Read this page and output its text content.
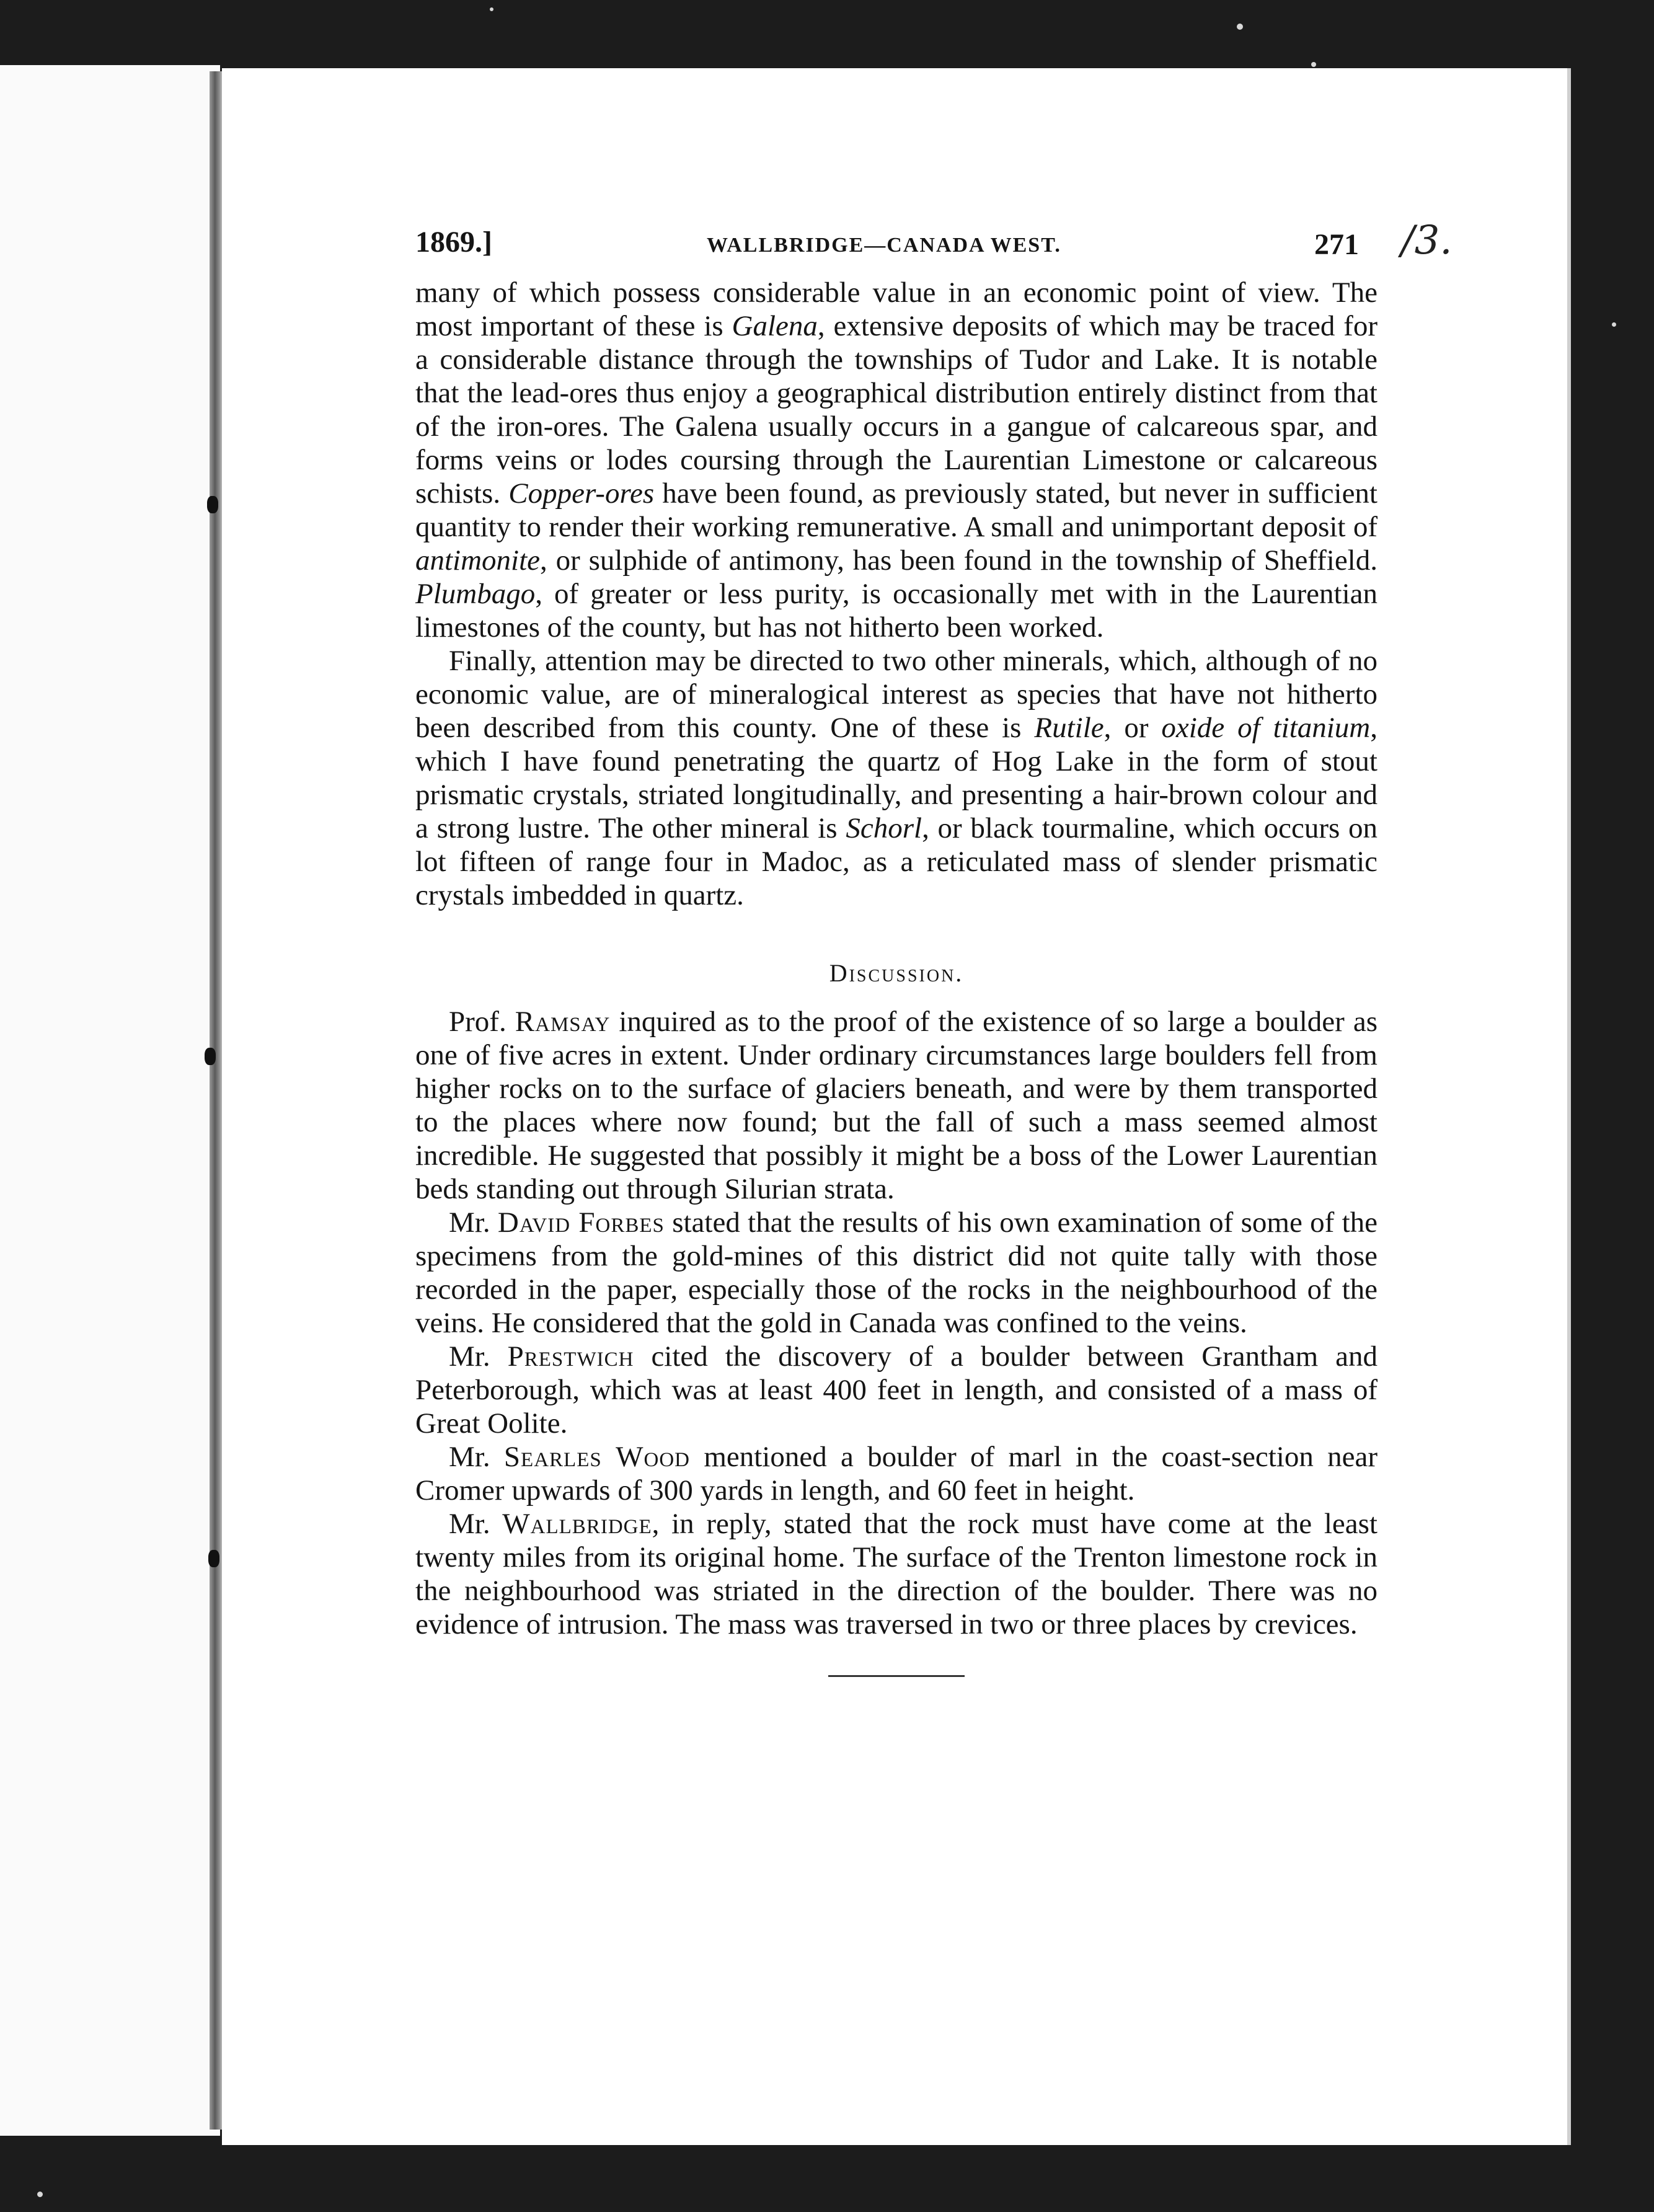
1869.]	WALLBRIDGE—CANADA WEST.	271 /3.

many of which possess considerable value in an economic point of view. The most important of these is Galena, extensive deposits of which may be traced for a considerable distance through the townships of Tudor and Lake. It is notable that the lead-ores thus enjoy a geographical distribution entirely distinct from that of the iron-ores. The Galena usually occurs in a gangue of calcareous spar, and forms veins or lodes coursing through the Laurentian Limestone or calcareous schists. Copper-ores have been found, as previously stated, but never in sufficient quantity to render their working remunerative. A small and unimportant deposit of antimonite, or sulphide of antimony, has been found in the township of Sheffield. Plumbago, of greater or less purity, is occasionally met with in the Laurentian limestones of the county, but has not hitherto been worked.

Finally, attention may be directed to two other minerals, which, although of no economic value, are of mineralogical interest as species that have not hitherto been described from this county. One of these is Rutile, or oxide of titanium, which I have found penetrating the quartz of Hog Lake in the form of stout prismatic crystals, striated longitudinally, and presenting a hair-brown colour and a strong lustre. The other mineral is Schorl, or black tourmaline, which occurs on lot fifteen of range four in Madoc, as a reticulated mass of slender prismatic crystals imbedded in quartz.

Discussion.

Prof. Ramsay inquired as to the proof of the existence of so large a boulder as one of five acres in extent. Under ordinary circumstances large boulders fell from higher rocks on to the surface of glaciers beneath, and were by them transported to the places where now found; but the fall of such a mass seemed almost incredible. He suggested that possibly it might be a boss of the Lower Laurentian beds standing out through Silurian strata.

Mr. David Forbes stated that the results of his own examination of some of the specimens from the gold-mines of this district did not quite tally with those recorded in the paper, especially those of the rocks in the neighbourhood of the veins. He considered that the gold in Canada was confined to the veins.

Mr. Prestwich cited the discovery of a boulder between Grantham and Peterborough, which was at least 400 feet in length, and consisted of a mass of Great Oolite.

Mr. Searles Wood mentioned a boulder of marl in the coast-section near Cromer upwards of 300 yards in length, and 60 feet in height.

Mr. Wallbridge, in reply, stated that the rock must have come at the least twenty miles from its original home. The surface of the Trenton limestone rock in the neighbourhood was striated in the direction of the boulder. There was no evidence of intrusion. The mass was traversed in two or three places by crevices.
